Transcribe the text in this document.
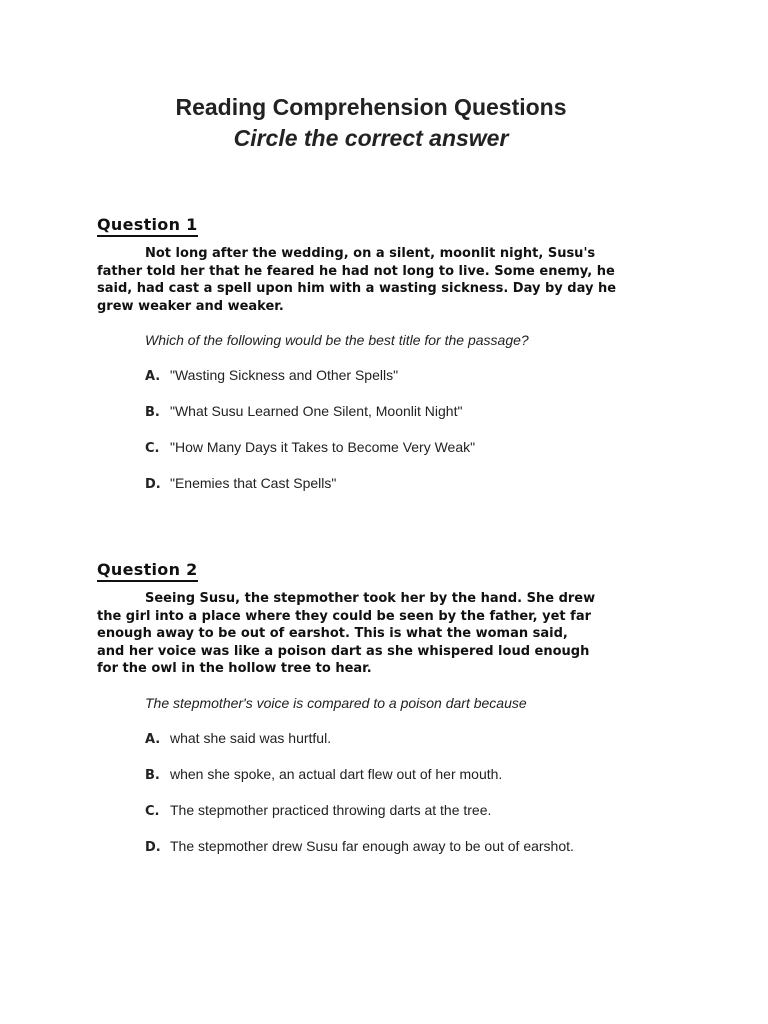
Reading Comprehension Questions
Circle the correct answer
Question 1

Not long after the wedding, on a silent, moonlit night, Susu's father told her that he feared he had not long to live. Some enemy, he said, had cast a spell upon him with a wasting sickness. Day by day he grew weaker and weaker.

Which of the following would be the best title for the passage?

A. "Wasting Sickness and Other Spells"
B. "What Susu Learned One Silent, Moonlit Night"
C. "How Many Days it Takes to Become Very Weak"
D. "Enemies that Cast Spells"
Question 2

Seeing Susu, the stepmother took her by the hand. She drew the girl into a place where they could be seen by the father, yet far enough away to be out of earshot. This is what the woman said, and her voice was like a poison dart as she whispered loud enough for the owl in the hollow tree to hear.

The stepmother's voice is compared to a poison dart because

A. what she said was hurtful.
B. when she spoke, an actual dart flew out of her mouth.
C. The stepmother practiced throwing darts at the tree.
D. The stepmother drew Susu far enough away to be out of earshot.
